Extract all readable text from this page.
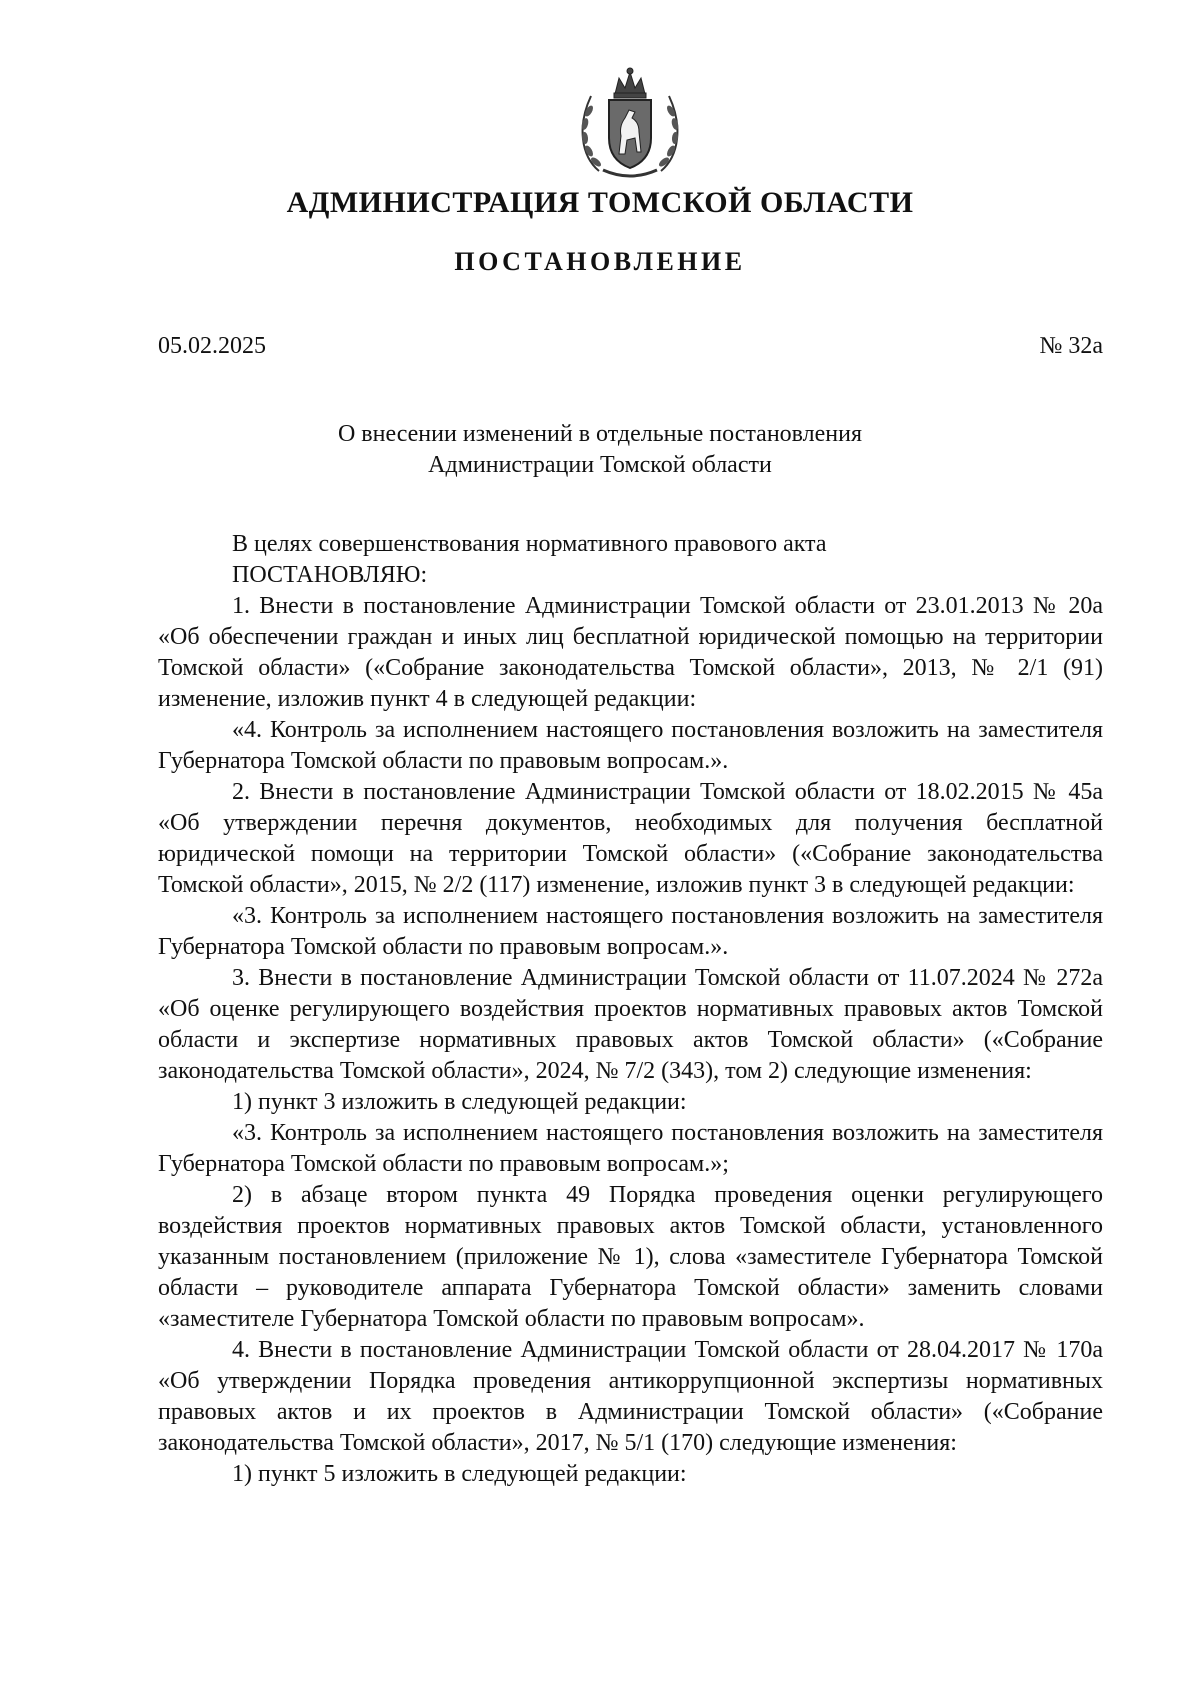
АДМИНИСТРАЦИЯ ТОМСКОЙ ОБЛАСТИ
ПОСТАНОВЛЕНИЕ
05.02.2025	№ 32а
О внесении изменений в отдельные постановления
Администрации Томской области

В целях совершенствования нормативного правового акта

ПОСТАНОВЛЯЮ:

1. Внести в постановление Администрации Томской области от 23.01.2013 № 20а «Об обеспечении граждан и иных лиц бесплатной юридической помощью на территории Томской области» («Собрание законодательства Томской области», 2013, № 2/1 (91) изменение, изложив пункт 4 в следующей редакции:

«4. Контроль за исполнением настоящего постановления возложить на заместителя Губернатора Томской области по правовым вопросам.».

2. Внести в постановление Администрации Томской области от 18.02.2015 № 45а «Об утверждении перечня документов, необходимых для получения бесплатной юридической помощи на территории Томской области» («Собрание законодательства Томской области», 2015, № 2/2 (117) изменение, изложив пункт 3 в следующей редакции:

«3. Контроль за исполнением настоящего постановления возложить на заместителя Губернатора Томской области по правовым вопросам.».

3. Внести в постановление Администрации Томской области от 11.07.2024 № 272а «Об оценке регулирующего воздействия проектов нормативных правовых актов Томской области и экспертизе нормативных правовых актов Томской области» («Собрание законодательства Томской области», 2024, № 7/2 (343), том 2) следующие изменения:

1) пункт 3 изложить в следующей редакции:

«3. Контроль за исполнением настоящего постановления возложить на заместителя Губернатора Томской области по правовым вопросам.»;

2) в абзаце втором пункта 49 Порядка проведения оценки регулирующего воздействия проектов нормативных правовых актов Томской области, установленного указанным постановлением (приложение № 1), слова «заместителе Губернатора Томской области – руководителе аппарата Губернатора Томской области» заменить словами «заместителе Губернатора Томской области по правовым вопросам».

4. Внести в постановление Администрации Томской области от 28.04.2017 № 170а «Об утверждении Порядка проведения антикоррупционной экспертизы нормативных правовых актов и их проектов в Администрации Томской области» («Собрание законодательства Томской области», 2017, № 5/1 (170) следующие изменения:

1) пункт 5 изложить в следующей редакции:
